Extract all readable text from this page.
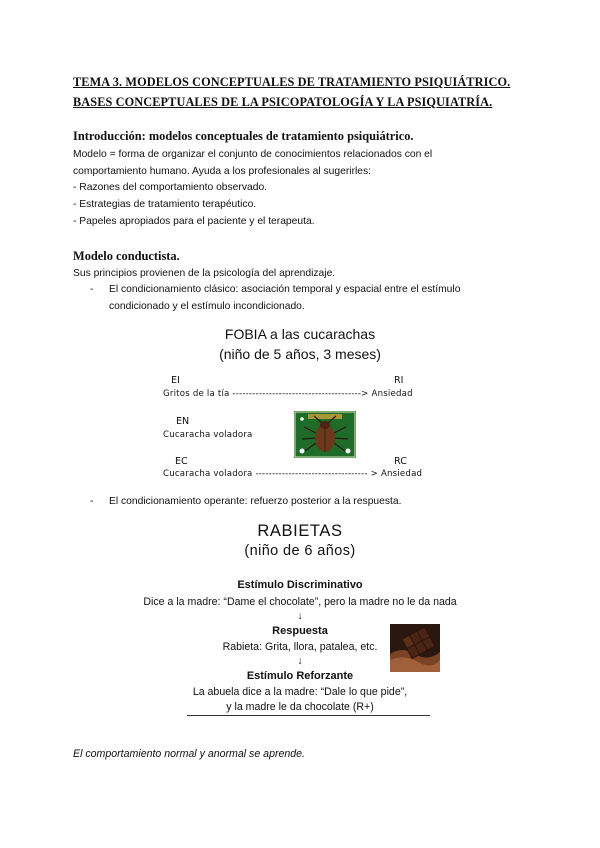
TEMA 3. MODELOS CONCEPTUALES DE TRATAMIENTO PSIQUIÁTRICO.
BASES CONCEPTUALES DE LA PSICOPATOLOGÍA Y LA PSIQUIATRÍA.
Introducción: modelos conceptuales de tratamiento psiquiátrico.
Modelo = forma de organizar el conjunto de conocimientos relacionados con el
comportamiento humano. Ayuda a los profesionales al sugerirles:
- Razones del comportamiento observado.
- Estrategias de tratamiento terapéutico.
- Papeles apropiados para el paciente y el terapeuta.
Modelo conductista.
Sus principios provienen de la psicología del aprendizaje.
- El condicionamiento clásico: asociación temporal y espacial entre el estímulo
condicionado y el estímulo incondicionado.
FOBIA a las cucarachas
(niño de 5 años, 3 meses)
EI	RI
Gritos de la tía ---------------------------------------> Ansiedad
EN
Cucaracha voladora
EC	RC
Cucaracha voladora ---------------------------------- > Ansiedad
- El condicionamiento operante: refuerzo posterior a la respuesta.
RABIETAS
(niño de 6 años)
Estímulo Discriminativo
Dice a la madre: “Dame el chocolate”, pero la madre no le da nada
↓
Respuesta
Rabieta: Grita, llora, patalea, etc.
↓
Estímulo Reforzante
La abuela dice a la madre: “Dale lo que pide”,
y la madre le da chocolate (R+)
El comportamiento normal y anormal se aprende.
